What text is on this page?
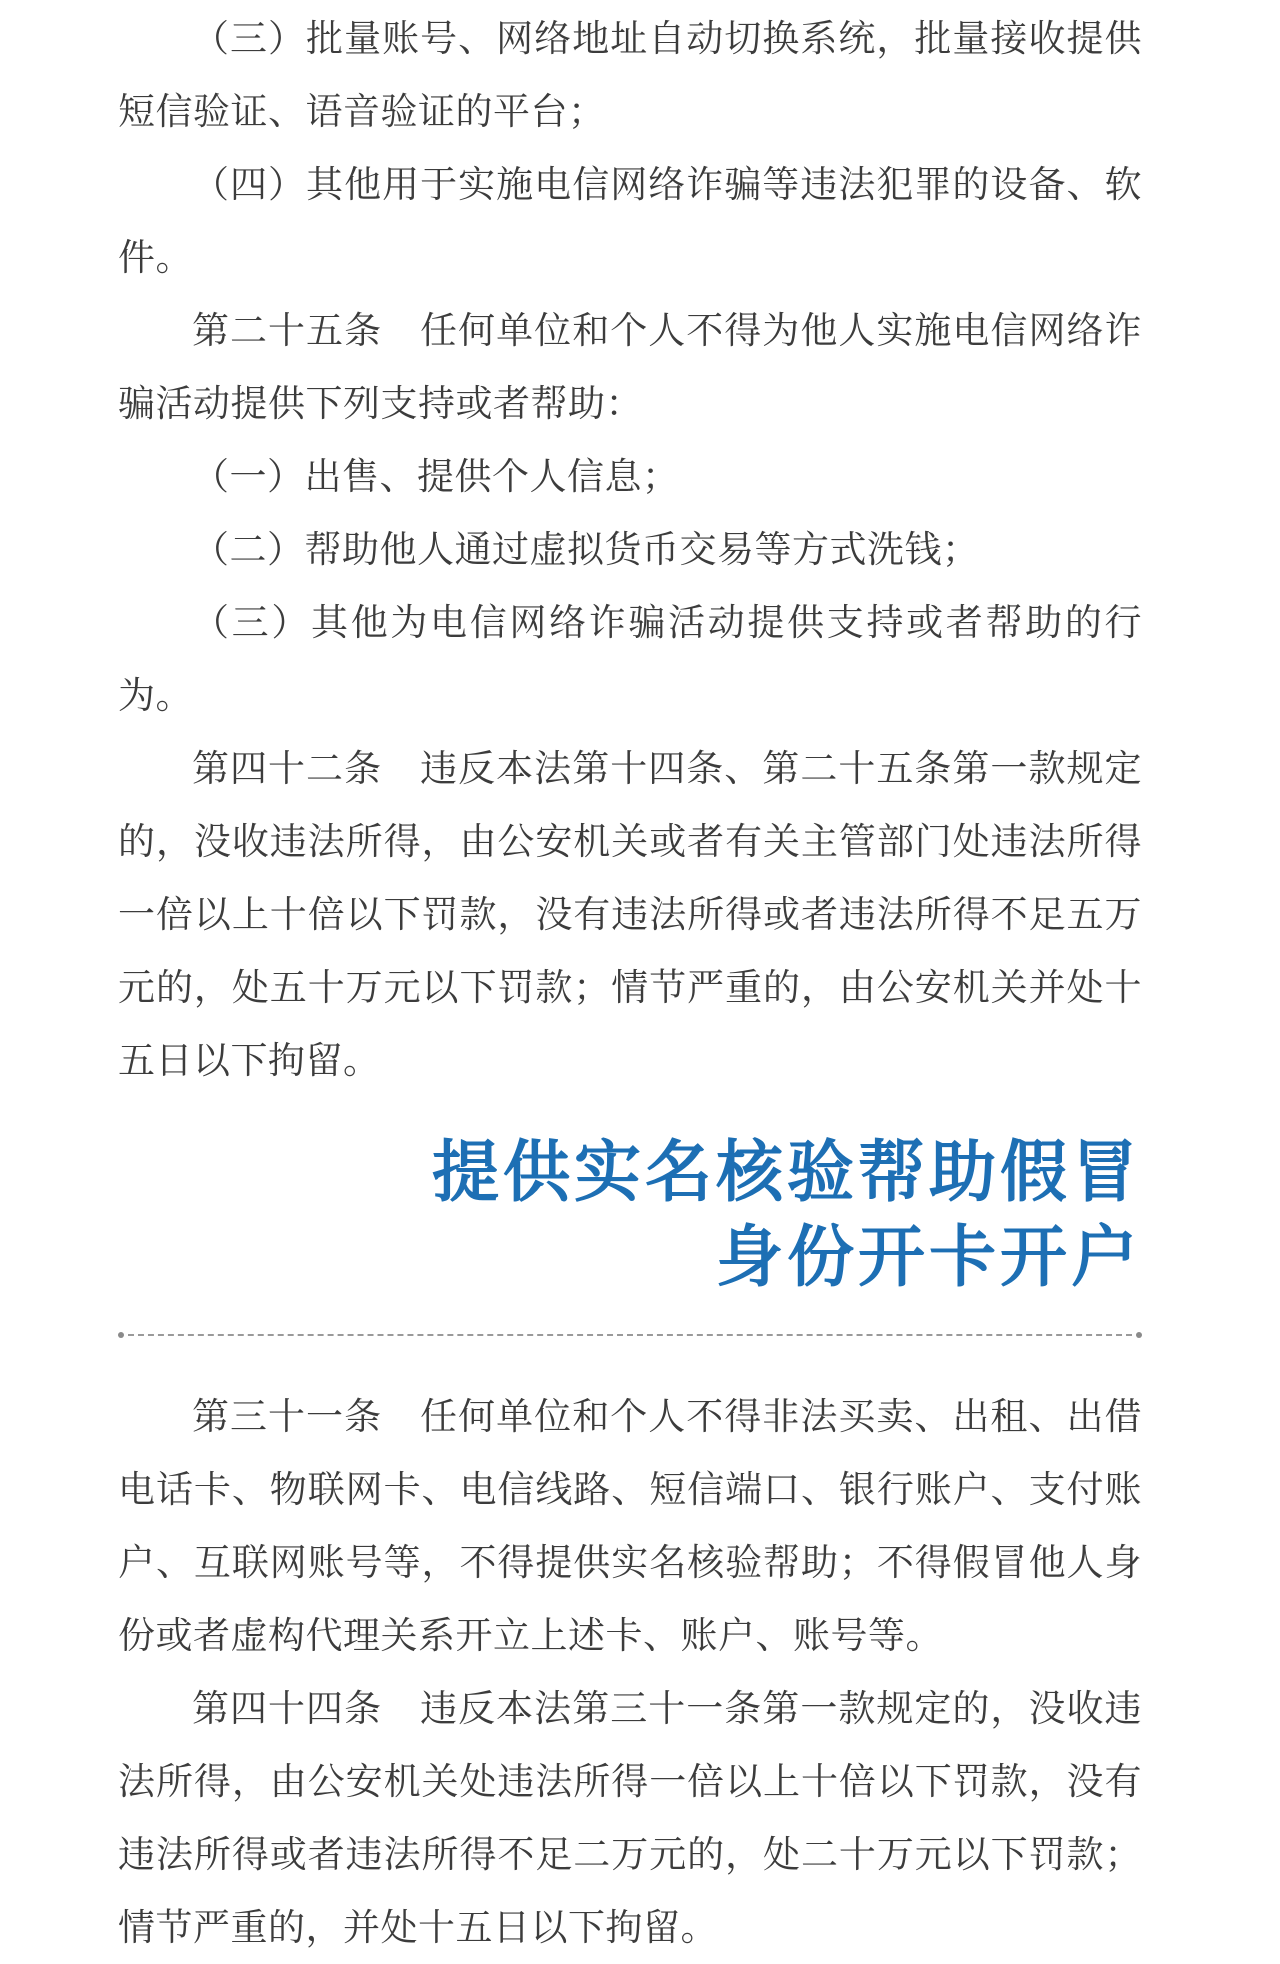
（三）批量账号、网络地址自动切换系统，批量接收提供短信验证、语音验证的平台；

（四）其他用于实施电信网络诈骗等违法犯罪的设备、软件。

第二十五条　任何单位和个人不得为他人实施电信网络诈骗活动提供下列支持或者帮助：

（一）出售、提供个人信息；

（二）帮助他人通过虚拟货币交易等方式洗钱；

（三）其他为电信网络诈骗活动提供支持或者帮助的行为。

第四十二条　违反本法第十四条、第二十五条第一款规定的，没收违法所得，由公安机关或者有关主管部门处违法所得一倍以上十倍以下罚款，没有违法所得或者违法所得不足五万元的，处五十万元以下罚款；情节严重的，由公安机关并处十五日以下拘留。

提供实名核验帮助假冒
身份开卡开户

第三十一条　任何单位和个人不得非法买卖、出租、出借电话卡、物联网卡、电信线路、短信端口、银行账户、支付账户、互联网账号等，不得提供实名核验帮助；不得假冒他人身份或者虚构代理关系开立上述卡、账户、账号等。

第四十四条　违反本法第三十一条第一款规定的，没收违法所得，由公安机关处违法所得一倍以上十倍以下罚款，没有违法所得或者违法所得不足二万元的，处二十万元以下罚款；情节严重的，并处十五日以下拘留。
